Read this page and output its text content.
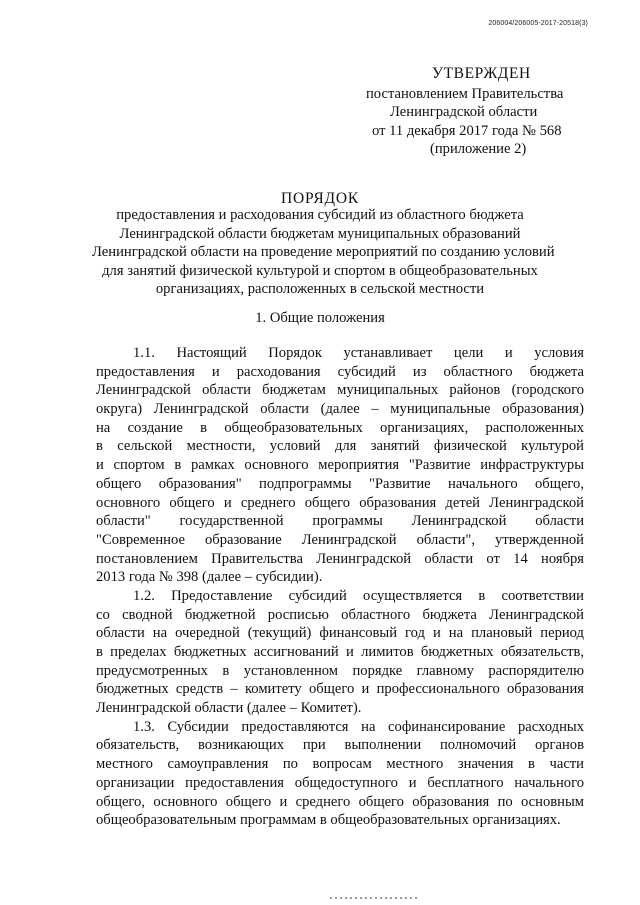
206004/206005-2017-20518(3)
УТВЕРЖДЕН
постановлением Правительства
Ленинградской области
от 11 декабря 2017 года № 568
(приложение 2)
ПОРЯДОК
предоставления и расходования субсидий из областного бюджета
Ленинградской области бюджетам муниципальных образований
Ленинградской области на проведение мероприятий по созданию условий
для занятий физической культурой и спортом в общеобразовательных
организациях, расположенных в сельской местности
1. Общие положения
1.1. Настоящий Порядок устанавливает цели и условия
предоставления и расходования субсидий из областного бюджета
Ленинградской области бюджетам муниципальных районов (городского
округа) Ленинградской области (далее – муниципальные образования)
на создание в общеобразовательных организациях, расположенных
в сельской местности, условий для занятий физической культурой
и спортом в рамках основного мероприятия "Развитие инфраструктуры
общего образования" подпрограммы "Развитие начального общего,
основного общего и среднего общего образования детей Ленинградской
области" государственной программы Ленинградской области
"Современное образование Ленинградской области", утвержденной
постановлением Правительства Ленинградской области от 14 ноября
2013 года № 398 (далее – субсидии).
1.2. Предоставление субсидий осуществляется в соответствии
со сводной бюджетной росписью областного бюджета Ленинградской
области на очередной (текущий) финансовый год и на плановый период
в пределах бюджетных ассигнований и лимитов бюджетных обязательств,
предусмотренных в установленном порядке главному распорядителю
бюджетных средств – комитету общего и профессионального образования
Ленинградской области (далее – Комитет).
1.3. Субсидии предоставляются на софинансирование расходных
обязательств, возникающих при выполнении полномочий органов
местного самоуправления по вопросам местного значения в части
организации предоставления общедоступного и бесплатного начального
общего, основного общего и среднего общего образования по основным
общеобразовательным программам в общеобразовательных организациях.
